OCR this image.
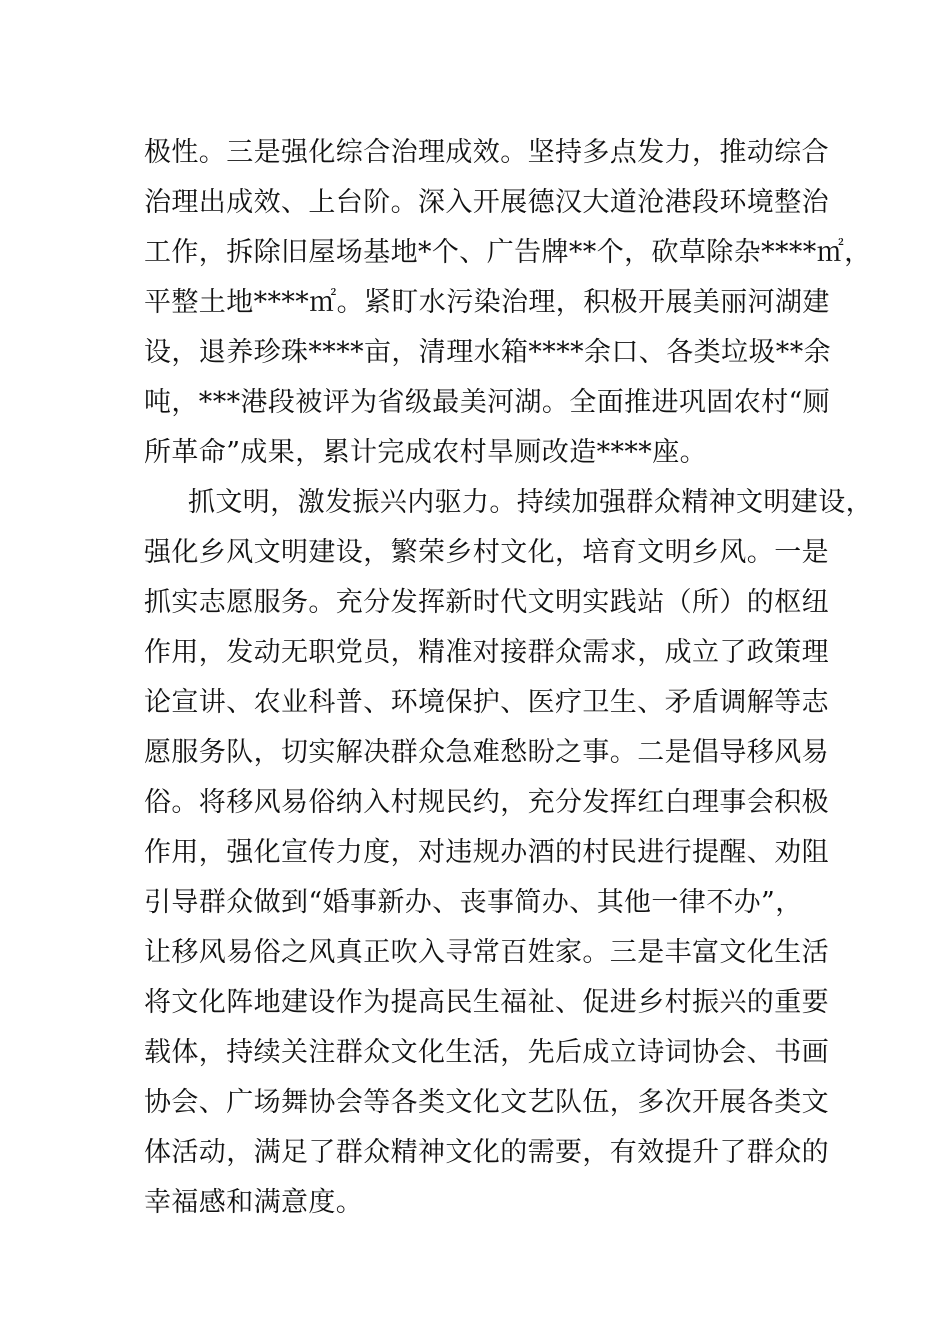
极性。三是强化综合治理成效。坚持多点发力，推动综合
治理出成效、上台阶。深入开展德汉大道沧港段环境整治
工作，拆除旧屋场基地*个、广告牌**个，砍草除杂****㎡，
平整土地****㎡。紧盯水污染治理，积极开展美丽河湖建
设，退养珍珠****亩，清理水箱****余口、各类垃圾**余
吨，***港段被评为省级最美河湖。全面推进巩固农村“厕
所革命”成果，累计完成农村旱厕改造****座。
抓文明，激发振兴内驱力。持续加强群众精神文明建设，
强化乡风文明建设，繁荣乡村文化，培育文明乡风。一是
抓实志愿服务。充分发挥新时代文明实践站（所）的枢纽
作用，发动无职党员，精准对接群众需求，成立了政策理
论宣讲、农业科普、环境保护、医疗卫生、矛盾调解等志
愿服务队，切实解决群众急难愁盼之事。二是倡导移风易
俗。将移风易俗纳入村规民约，充分发挥红白理事会积极
作用，强化宣传力度，对违规办酒的村民进行提醒、劝阻
引导群众做到“婚事新办、丧事简办、其他一律不办”，
让移风易俗之风真正吹入寻常百姓家。三是丰富文化生活
将文化阵地建设作为提高民生福祉、促进乡村振兴的重要
载体，持续关注群众文化生活，先后成立诗词协会、书画
协会、广场舞协会等各类文化文艺队伍，多次开展各类文
体活动，满足了群众精神文化的需要，有效提升了群众的
幸福感和满意度。
